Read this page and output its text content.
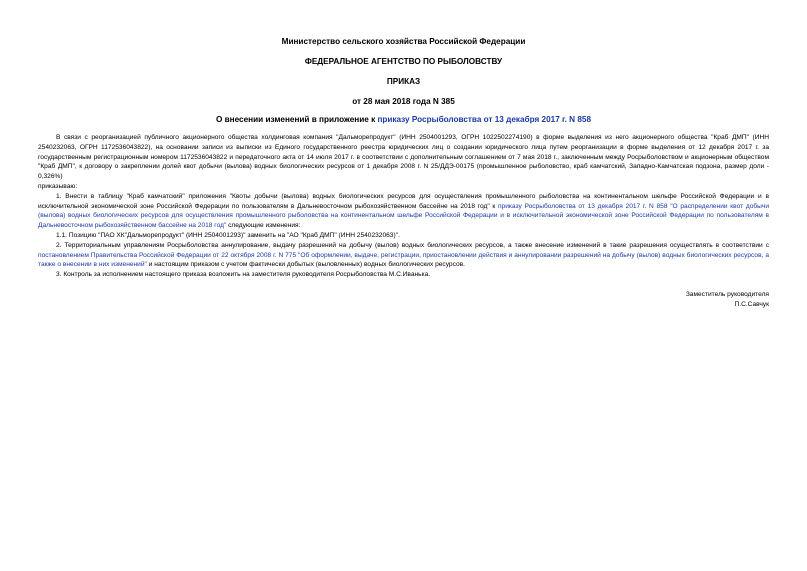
Министерство сельского хозяйства Российской Федерации
ФЕДЕРАЛЬНОЕ АГЕНТСТВО ПО РЫБОЛОВСТВУ
ПРИКАЗ
от 28 мая 2018 года N 385
О внесении изменений в приложение к приказу Росрыболовства от 13 декабря 2017 г. N 858

В связи с реорганизацией публичного акционерного общества холдинговая компания "Дальморепродукт" (ИНН 2504001293, ОГРН 1022502274190) в форме выделения из него акционерного общества "Краб ДМП" (ИНН 2540232063, ОГРН 1172536043822), на основании записи из выписки из Единого государственного реестра юридических лиц о создании юридического лица путем реорганизации в форме выделения от 12 декабря 2017 г. за государственным регистрационным номером 1172536043822 и передаточного акта от 14 июля 2017 г. в соответствии с дополнительным соглашением от 7 мая 2018 г., заключенным между Росрыболовством и акционерным обществом "Краб ДМП", к договору о закреплении долей квот добычи (вылова) водных биологических ресурсов от 1 декабря 2008 г. N 25/ДДЭ-00175 (промышленное рыболовство, краб камчатский, Западно-Камчатская подзона, размер доли - 0,326%)

приказываю:

1. Внести в таблицу "Краб камчатский" приложения "Квоты добычи (вылова) водных биологических ресурсов для осуществления промышленного рыболовства на континентальном шельфе Российской Федерации и в исключительной экономической зоне Российской Федерации по пользователям в Дальневосточном рыбохозяйственном бассейне на 2018 год" к приказу Росрыболовства от 13 декабря 2017 г. N 858 "О распределении квот добычи (вылова) водных биологических ресурсов для осуществления промышленного рыболовства на континентальном шельфе Российской Федерации и в исключительной экономической зоне Российской Федерации по пользователям в Дальневосточном рыбохозяйственном бассейне на 2018 год" следующие изменения:

1.1. Позицию "ПАО ХК"Дальморепродукт" (ИНН 2504001293)" заменить на "АО "Краб ДМП" (ИНН 2540232063)".

2. Территориальным управлениям Росрыболовства аннулирование, выдачу разрешений на добычу (вылов) водных биологических ресурсов, а также внесение изменений в такие разрешения осуществлять в соответствии с постановлением Правительства Российской Федерации от 22 октября 2008 г. N 775 "Об оформлении, выдаче, регистрации, приостановлении действия и аннулировании разрешений на добычу (вылов) водных биологических ресурсов, а также о внесении в них изменений" и настоящим приказом с учетом фактически добытых (выловленных) водных биологических ресурсов.

3. Контроль за исполнением настоящего приказа возложить на заместителя руководителя Росрыболовства М.С.Иванька.

Заместитель руководителя
П.С.Савчук
